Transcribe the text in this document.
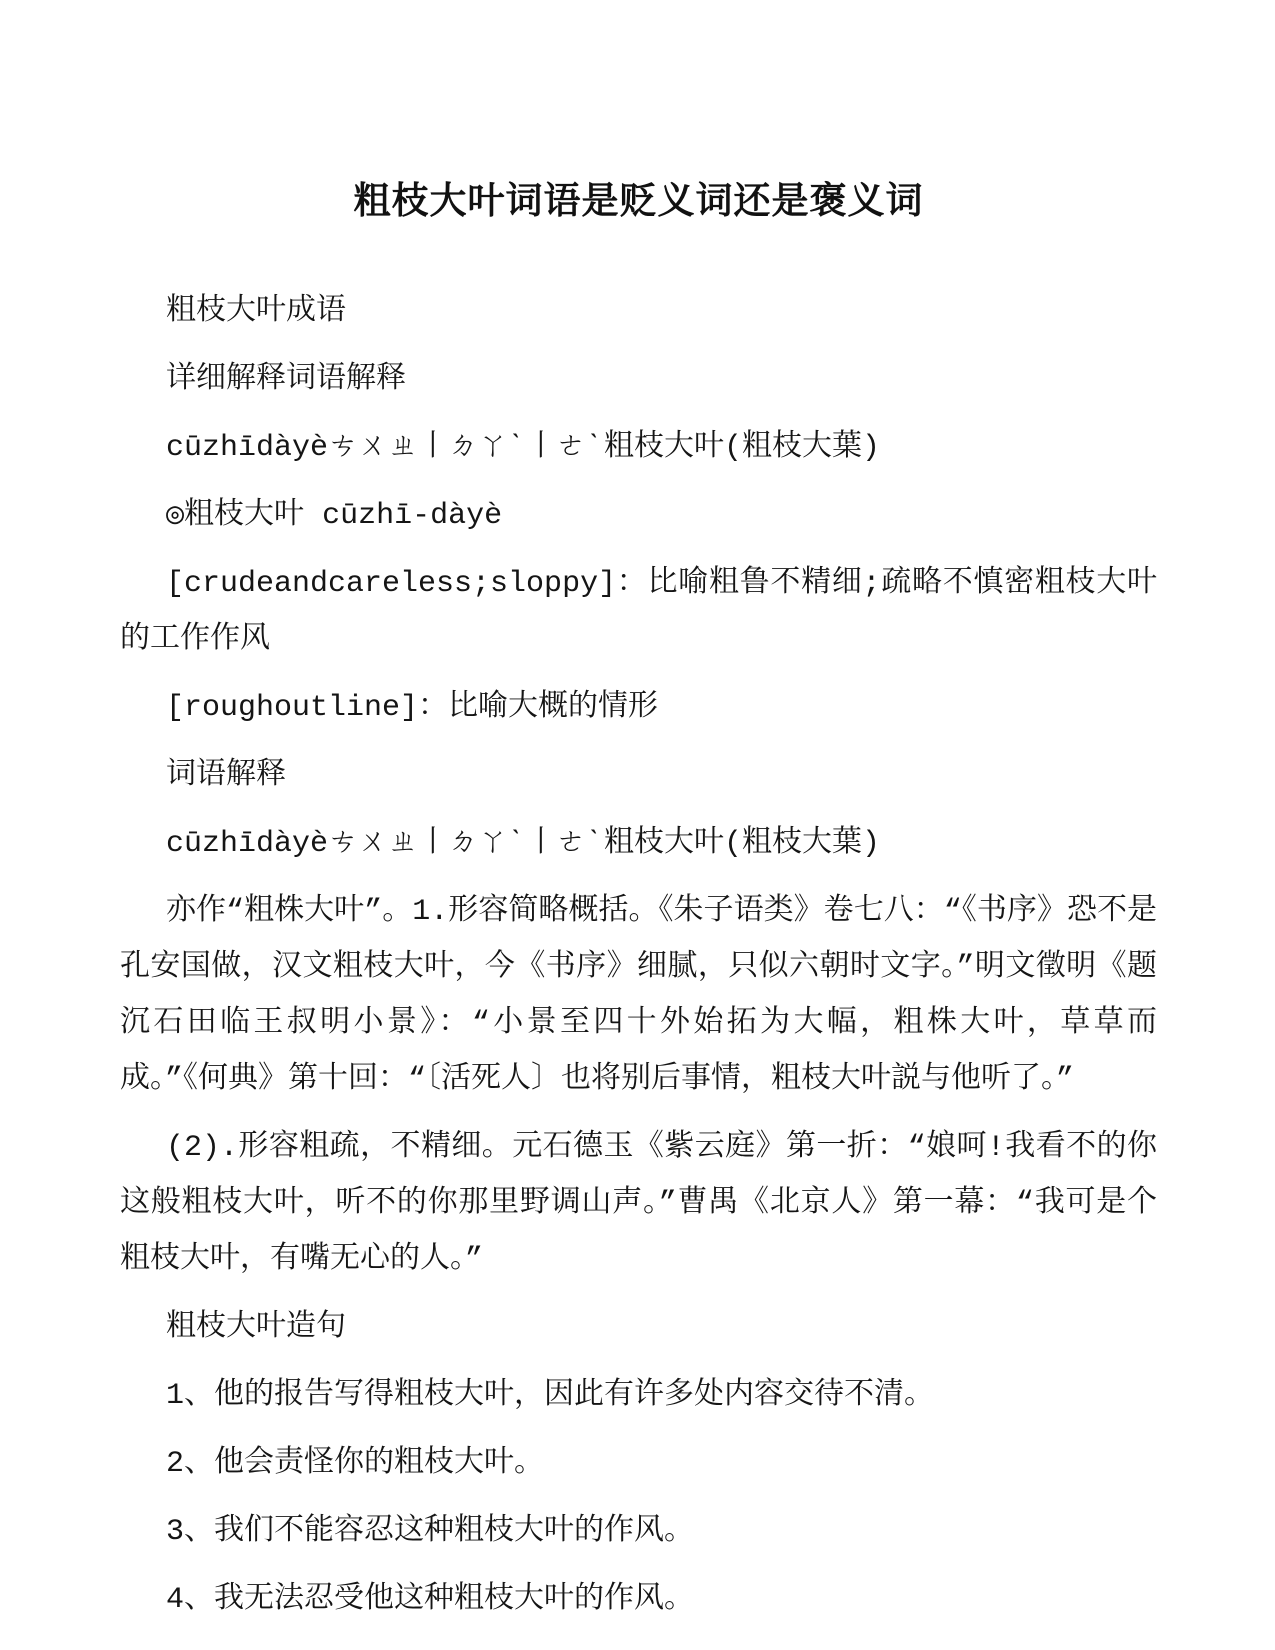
粗枝大叶词语是贬义词还是褒义词

粗枝大叶成语

详细解释词语解释

cūzhīdàyèㄘㄨㄓ丨ㄉㄚˋ丨ㄜˋ粗枝大叶(粗枝大葉)

◎粗枝大叶 cūzhī-dàyè

[crudeandcareless;sloppy]：比喻粗鲁不精细;疏略不慎密粗枝大叶的工作作风

[roughoutline]：比喻大概的情形

词语解释

cūzhīdàyèㄘㄨㄓ丨ㄉㄚˋ丨ㄜˋ粗枝大叶(粗枝大葉)

亦作“粗株大叶”。1.形容简略概括。《朱子语类》卷七八：“《书序》恐不是孔安国做，汉文粗枝大叶，今《书序》细腻，只似六朝时文字。”明文徵明《题沉石田临王叔明小景》：“小景至四十外始拓为大幅，粗株大叶，草草而成。”《何典》第十回：“〔活死人〕也将别后事情，粗枝大叶説与他听了。”

(2).形容粗疏，不精细。元石德玉《紫云庭》第一折：“娘呵!我看不的你这般粗枝大叶，听不的你那里野调山声。”曹禺《北京人》第一幕：“我可是个粗枝大叶，有嘴无心的人。”

粗枝大叶造句

1、他的报告写得粗枝大叶，因此有许多处内容交待不清。

2、他会责怪你的粗枝大叶。

3、我们不能容忍这种粗枝大叶的作风。

4、我无法忍受他这种粗枝大叶的作风。
